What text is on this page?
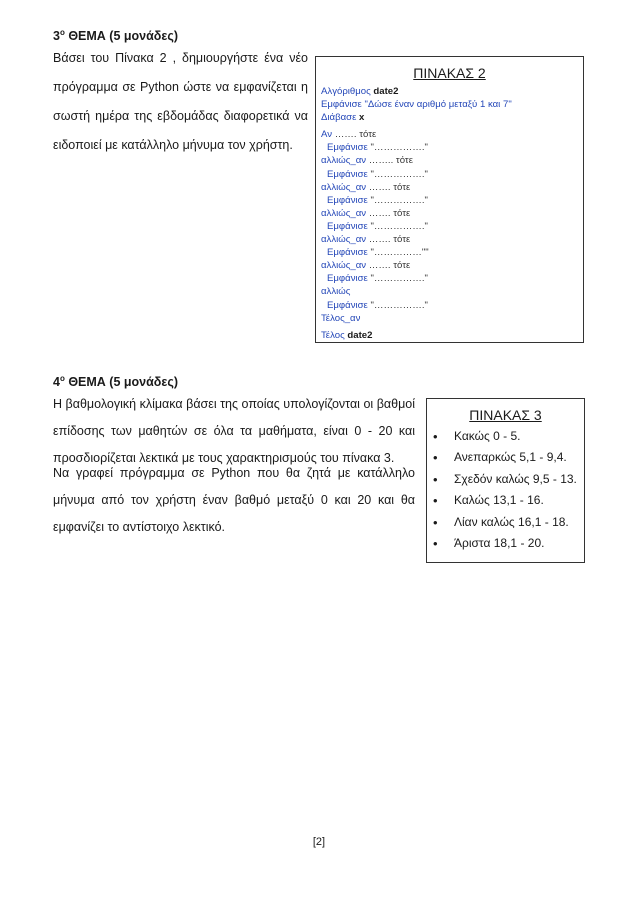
$3^o$ ΘΕΜΑ (5 μονάδες)
Βάσει του Πίνακα 2 , δημιουργήστε ένα νέο πρόγραμμα σε Python ώστε να εμφανίζεται η σωστή ημέρα της εβδομάδας διαφορετικά να ειδοποιεί με κατάλληλο μήνυμα τον χρήστη.
ΠΙΝΑΚΑΣ 2
Αλγόριθμος date2
Εμφάνισε "Δώσε έναν αριθμό μεταξύ 1 και 7"
Διάβασε x
Αν ……. τότε
Εμφάνισε "……………."
αλλιώς_αν …….. τότε
Εμφάνισε "……………."
αλλιώς_αν ……. τότε
Εμφάνισε "……………."
αλλιώς_αν ……. τότε
Εμφάνισε "……………."
αλλιώς_αν ……. τότε
Εμφάνισε "……………""
αλλιώς_αν ……. τότε
Εμφάνισε "……………."
αλλιώς
Εμφάνισε "……………."
Τέλος_αν
Τέλος date2
$4^o$ ΘΕΜΑ (5 μονάδες)
Η βαθμολογική κλίμακα βάσει της οποίας υπολογίζονται οι βαθμοί επίδοσης των μαθητών σε όλα τα μαθήματα, είναι 0 - 20 και προσδιορίζεται λεκτικά με τους χαρακτηρισμούς του πίνακα 3.
Να γραφεί πρόγραμμα σε Python που θα ζητά με κατάλληλο μήνυμα από τον χρήστη έναν βαθμό μεταξύ 0 και 20 και θα εμφανίζει το αντίστοιχο λεκτικό.
ΠΙΝΑΚΑΣ 3
• Κακώς 0 - 5.
• Ανεπαρκώς 5,1 - 9,4.
• Σχεδόν καλώς 9,5 - 13.
• Καλώς 13,1 - 16.
• Λίαν καλώς 16,1 - 18.
• Άριστα 18,1 - 20.
[2]
